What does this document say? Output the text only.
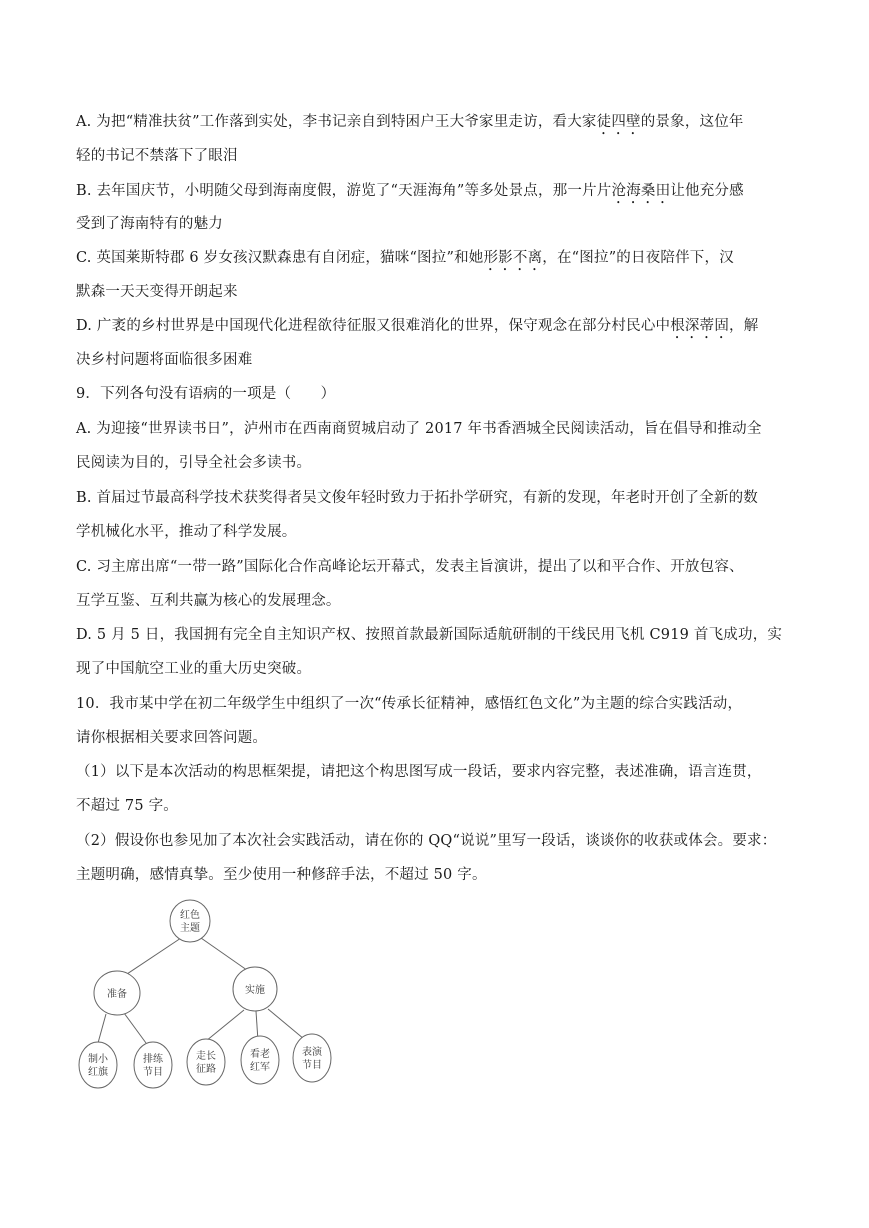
A. 为把“精准扶贫”工作落到实处，李书记亲自到特困户王大爷家里走访，看大家徒四壁的景象，这位年
轻的书记不禁落下了眼泪
B. 去年国庆节，小明随父母到海南度假，游览了“天涯海角”等多处景点，那一片片沧海桑田让他充分感
受到了海南特有的魅力
C. 英国莱斯特郡 6 岁女孩汉默森患有自闭症，猫咪“图拉”和她形影不离，在“图拉”的日夜陪伴下，汉
默森一天天变得开朗起来
D. 广袤的乡村世界是中国现代化进程欲待征服又很难消化的世界，保守观念在部分村民心中根深蒂固，解
决乡村问题将面临很多困难
9．下列各句没有语病的一项是（　　）
A. 为迎接“世界读书日”，泸州市在西南商贸城启动了 2017 年书香酒城全民阅读活动，旨在倡导和推动全
民阅读为目的，引导全社会多读书。
B. 首届过节最高科学技术获奖得者吴文俊年轻时致力于拓扑学研究，有新的发现，年老时开创了全新的数
学机械化水平，推动了科学发展。
C. 习主席出席“一带一路”国际化合作高峰论坛开幕式，发表主旨演讲，提出了以和平合作、开放包容、
互学互鉴、互利共赢为核心的发展理念。
D. 5 月 5 日，我国拥有完全自主知识产权、按照首款最新国际适航研制的干线民用飞机 C919 首飞成功，实
现了中国航空工业的重大历史突破。
10．我市某中学在初二年级学生中组织了一次“传承长征精神，感悟红色文化”为主题的综合实践活动，
请你根据相关要求回答问题。
（1）以下是本次活动的构思框架提，请把这个构思图写成一段话，要求内容完整，表述准确，语言连贯，
不超过 75 字。
（2）假设你也参见加了本次社会实践活动，请在你的 QQ“说说”里写一段话，谈谈你的收获或体会。要求：
主题明确，感情真挚。至少使用一种修辞手法，不超过 50 字。
红色
主题
准备	实施
制小
红旗
排练
节目
走长
征路
看老
红军
表演
节目
